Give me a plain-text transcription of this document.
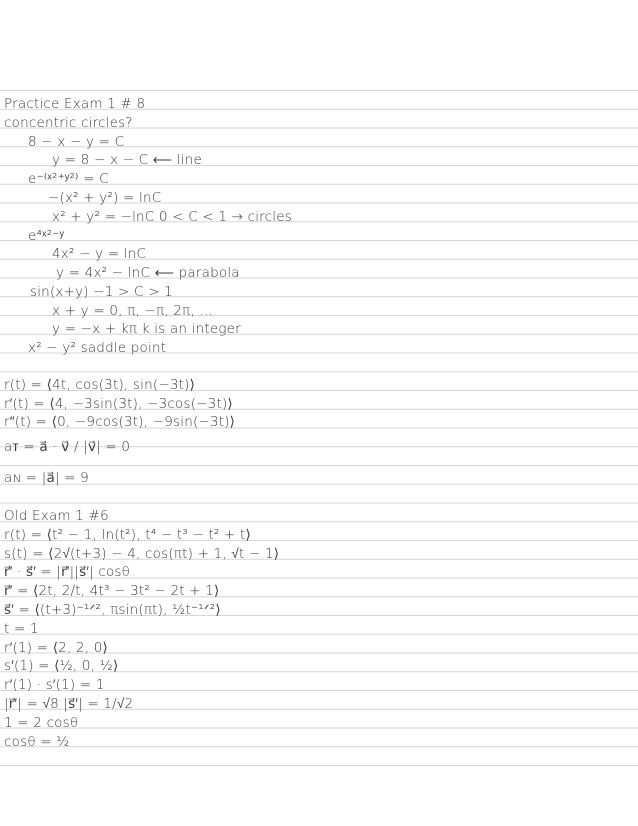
Practice Exam 1 # 8
concentric circles?
8 − x − y = C
y = 8 − x − C ⟵ line
e⁻⁽ˣ²⁺ʸ²⁾ = C
−(x² + y²) = lnC
x² + y² = −lnC 0 < C < 1 → circles
e⁴ˣ²⁻ʸ
4x² − y = lnC
y = 4x² − lnC ⟵ parabola
sin(x+y) −1 > C > 1
x + y = 0, π, −π, 2π, …
y = −x + kπ k is an integer
x² − y² saddle point
r(t) = ⟨4t, cos(3t), sin(−3t)⟩
r′(t) = ⟨4, −3sin(3t), −3cos(−3t)⟩
r″(t) = ⟨0, −9cos(3t), −9sin(−3t)⟩
aᴛ = a⃗ · v⃗ / |v⃗| = 0
aɴ = |a⃗| = 9
Old Exam 1 #6
r(t) = ⟨t² − 1, ln(t²), t⁴ − t³ − t² + t⟩
s(t) = ⟨2√(t+3) − 4, cos(πt) + 1, √t − 1⟩
r⃗′ · s⃗′ = |r⃗′||s⃗′| cosθ
r⃗′ = ⟨2t, 2/t, 4t³ − 3t² − 2t + 1⟩
s⃗′ = ⟨(t+3)⁻¹ᐟ², πsin(πt), ½t⁻¹ᐟ²⟩
t = 1
r′(1) = ⟨2, 2, 0⟩
s′(1) = ⟨½, 0, ½⟩
r′(1) · s′(1) = 1
|r⃗′| = √8 |s⃗′| = 1/√2
1 = 2 cosθ
cosθ = ½
